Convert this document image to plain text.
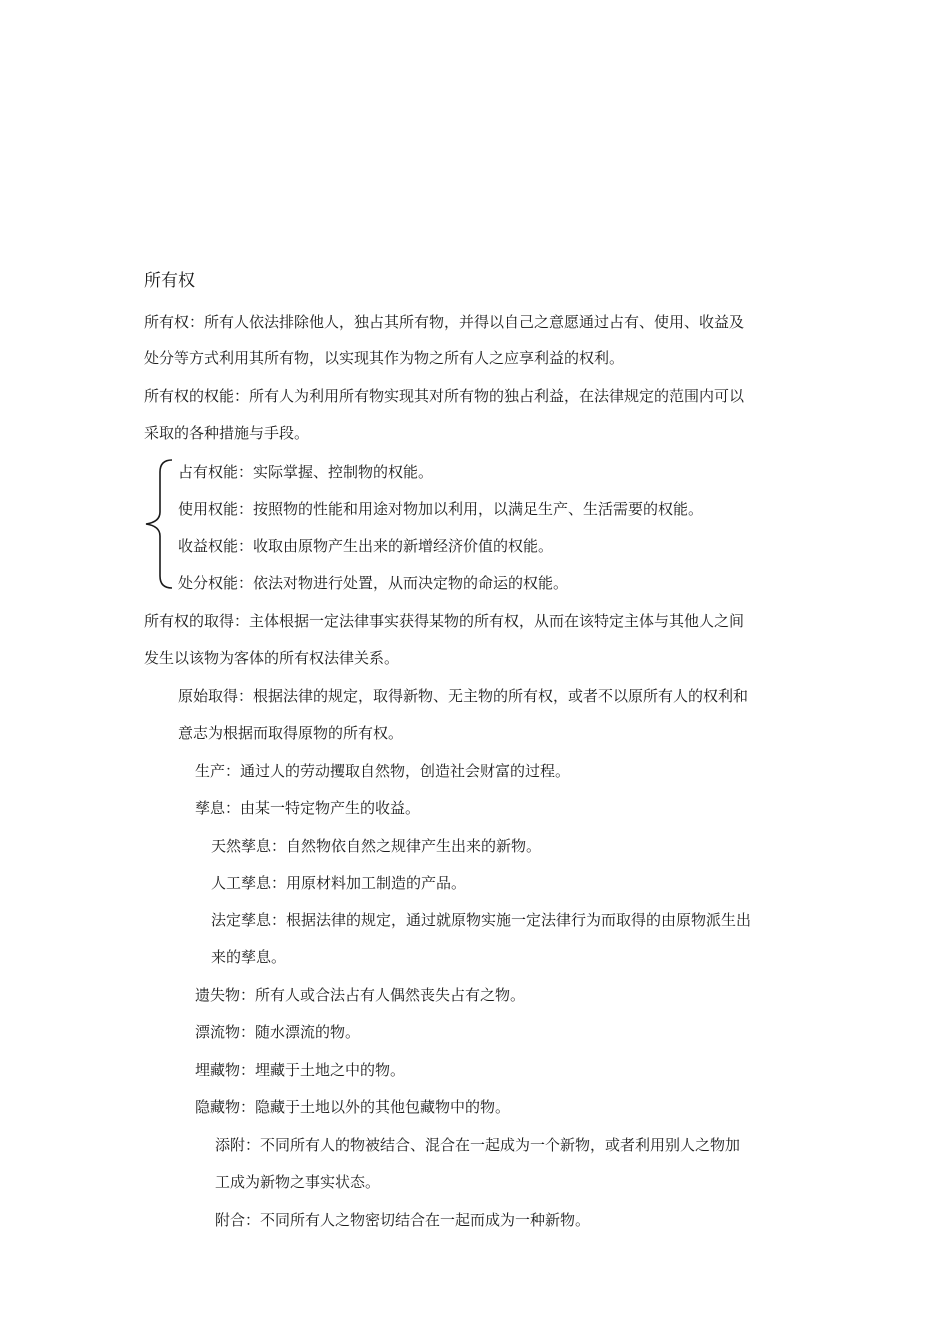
所有权
所有权：所有人依法排除他人，独占其所有物，并得以自己之意愿通过占有、使用、收益及
处分等方式利用其所有物，以实现其作为物之所有人之应享利益的权利。
所有权的权能：所有人为利用所有物实现其对所有物的独占利益，在法律规定的范围内可以
采取的各种措施与手段。
占有权能：实际掌握、控制物的权能。
使用权能：按照物的性能和用途对物加以利用，以满足生产、生活需要的权能。
收益权能：收取由原物产生出来的新增经济价值的权能。
处分权能：依法对物进行处置，从而决定物的命运的权能。
所有权的取得：主体根据一定法律事实获得某物的所有权，从而在该特定主体与其他人之间
发生以该物为客体的所有权法律关系。
原始取得：根据法律的规定，取得新物、无主物的所有权，或者不以原所有人的权利和
意志为根据而取得原物的所有权。
生产：通过人的劳动攫取自然物，创造社会财富的过程。
孳息：由某一特定物产生的收益。
天然孳息：自然物依自然之规律产生出来的新物。
人工孳息：用原材料加工制造的产品。
法定孳息：根据法律的规定，通过就原物实施一定法律行为而取得的由原物派生出
来的孳息。
遗失物：所有人或合法占有人偶然丧失占有之物。
漂流物：随水漂流的物。
埋藏物：埋藏于土地之中的物。
隐藏物：隐藏于土地以外的其他包藏物中的物。
添附：不同所有人的物被结合、混合在一起成为一个新物，或者利用别人之物加
工成为新物之事实状态。
附合：不同所有人之物密切结合在一起而成为一种新物。
